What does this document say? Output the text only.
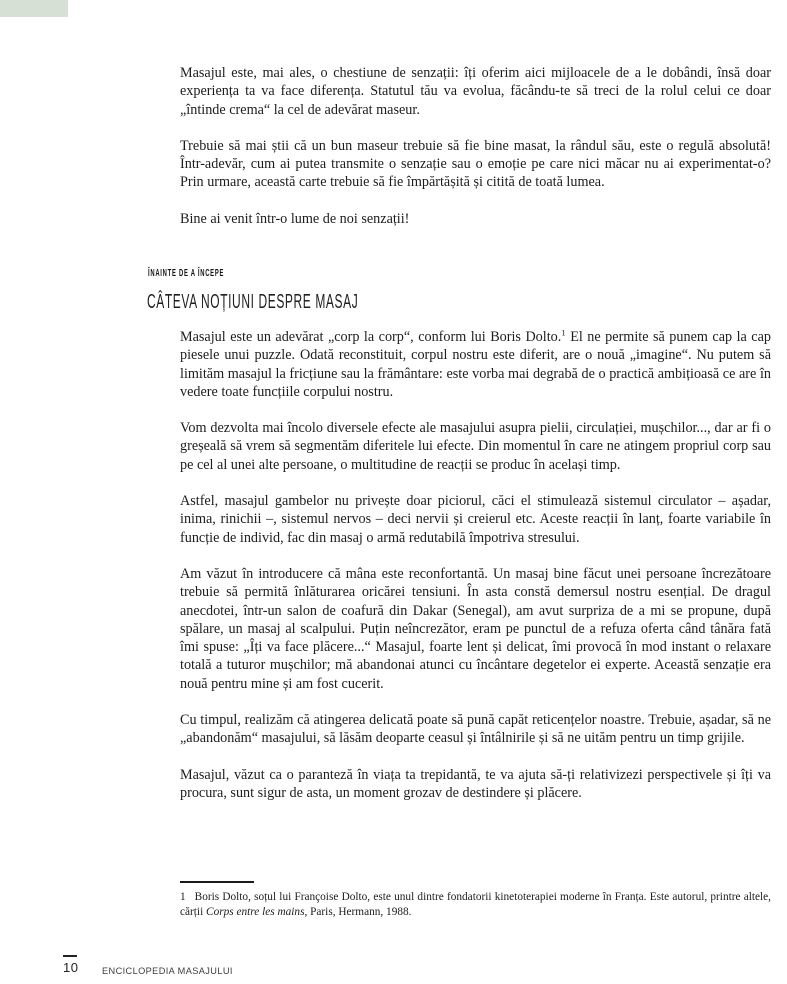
Masajul este, mai ales, o chestiune de senzații: îți oferim aici mijloacele de a le dobândi, însă doar experiența ta va face diferența. Statutul tău va evolua, făcându-te să treci de la rolul celui ce doar „întinde crema“ la cel de adevărat maseur.

Trebuie să mai știi că un bun maseur trebuie să fie bine masat, la rândul său, este o regulă absolută! Într-adevăr, cum ai putea transmite o senzație sau o emoție pe care nici măcar nu ai experimentat-o? Prin urmare, această carte trebuie să fie împărtășită și citită de toată lumea.

Bine ai venit într-o lume de noi senzații!

ÎNAINTE DE A ÎNCEPE
CÂTEVA NOȚIUNI DESPRE MASAJ

Masajul este un adevărat „corp la corp“, conform lui Boris Dolto.$^1$ El ne permite să punem cap la cap piesele unui puzzle. Odată reconstituit, corpul nostru este diferit, are o nouă „imagine“. Nu putem să limităm masajul la fricțiune sau la frământare: este vorba mai degrabă de o practică ambițioasă ce are în vedere toate funcțiile corpului nostru.

Vom dezvolta mai încolo diversele efecte ale masajului asupra pielii, circulației, mușchilor..., dar ar fi o greșeală să vrem să segmentăm diferitele lui efecte. Din momentul în care ne atingem propriul corp sau pe cel al unei alte persoane, o multitudine de reacții se produc în același timp.

Astfel, masajul gambelor nu privește doar piciorul, căci el stimulează sistemul circulator – așadar, inima, rinichii –, sistemul nervos – deci nervii și creierul etc. Aceste reacții în lanț, foarte variabile în funcție de individ, fac din masaj o armă redutabilă împotriva stresului.

Am văzut în introducere că mâna este reconfortantă. Un masaj bine făcut unei persoane încrezătoare trebuie să permită înlăturarea oricărei tensiuni. În asta constă demersul nostru esențial. De dragul anecdotei, într-un salon de coafură din Dakar (Senegal), am avut surpriza de a mi se propune, după spălare, un masaj al scalpului. Puțin neîncrezător, eram pe punctul de a refuza oferta când tânăra fată îmi spuse: „Îți va face plăcere...“ Masajul, foarte lent și delicat, îmi provocă în mod instant o relaxare totală a tuturor mușchilor; mă abandonai atunci cu încântare degetelor ei experte. Această senzație era nouă pentru mine și am fost cucerit.

Cu timpul, realizăm că atingerea delicată poate să pună capăt reticențelor noastre. Trebuie, așadar, să ne „abandonăm“ masajului, să lăsăm deoparte ceasul și întâlnirile și să ne uităm pentru un timp grijile.

Masajul, văzut ca o paranteză în viața ta trepidantă, te va ajuta să-ți relativizezi perspectivele și îți va procura, sunt sigur de asta, un moment grozav de destindere și plăcere.

1 Boris Dolto, soțul lui Françoise Dolto, este unul dintre fondatorii kinetoterapiei moderne în Franța. Este autorul, printre altele, cărții Corps entre les mains, Paris, Hermann, 1988.

10	ENCICLOPEDIA MASAJULUI
